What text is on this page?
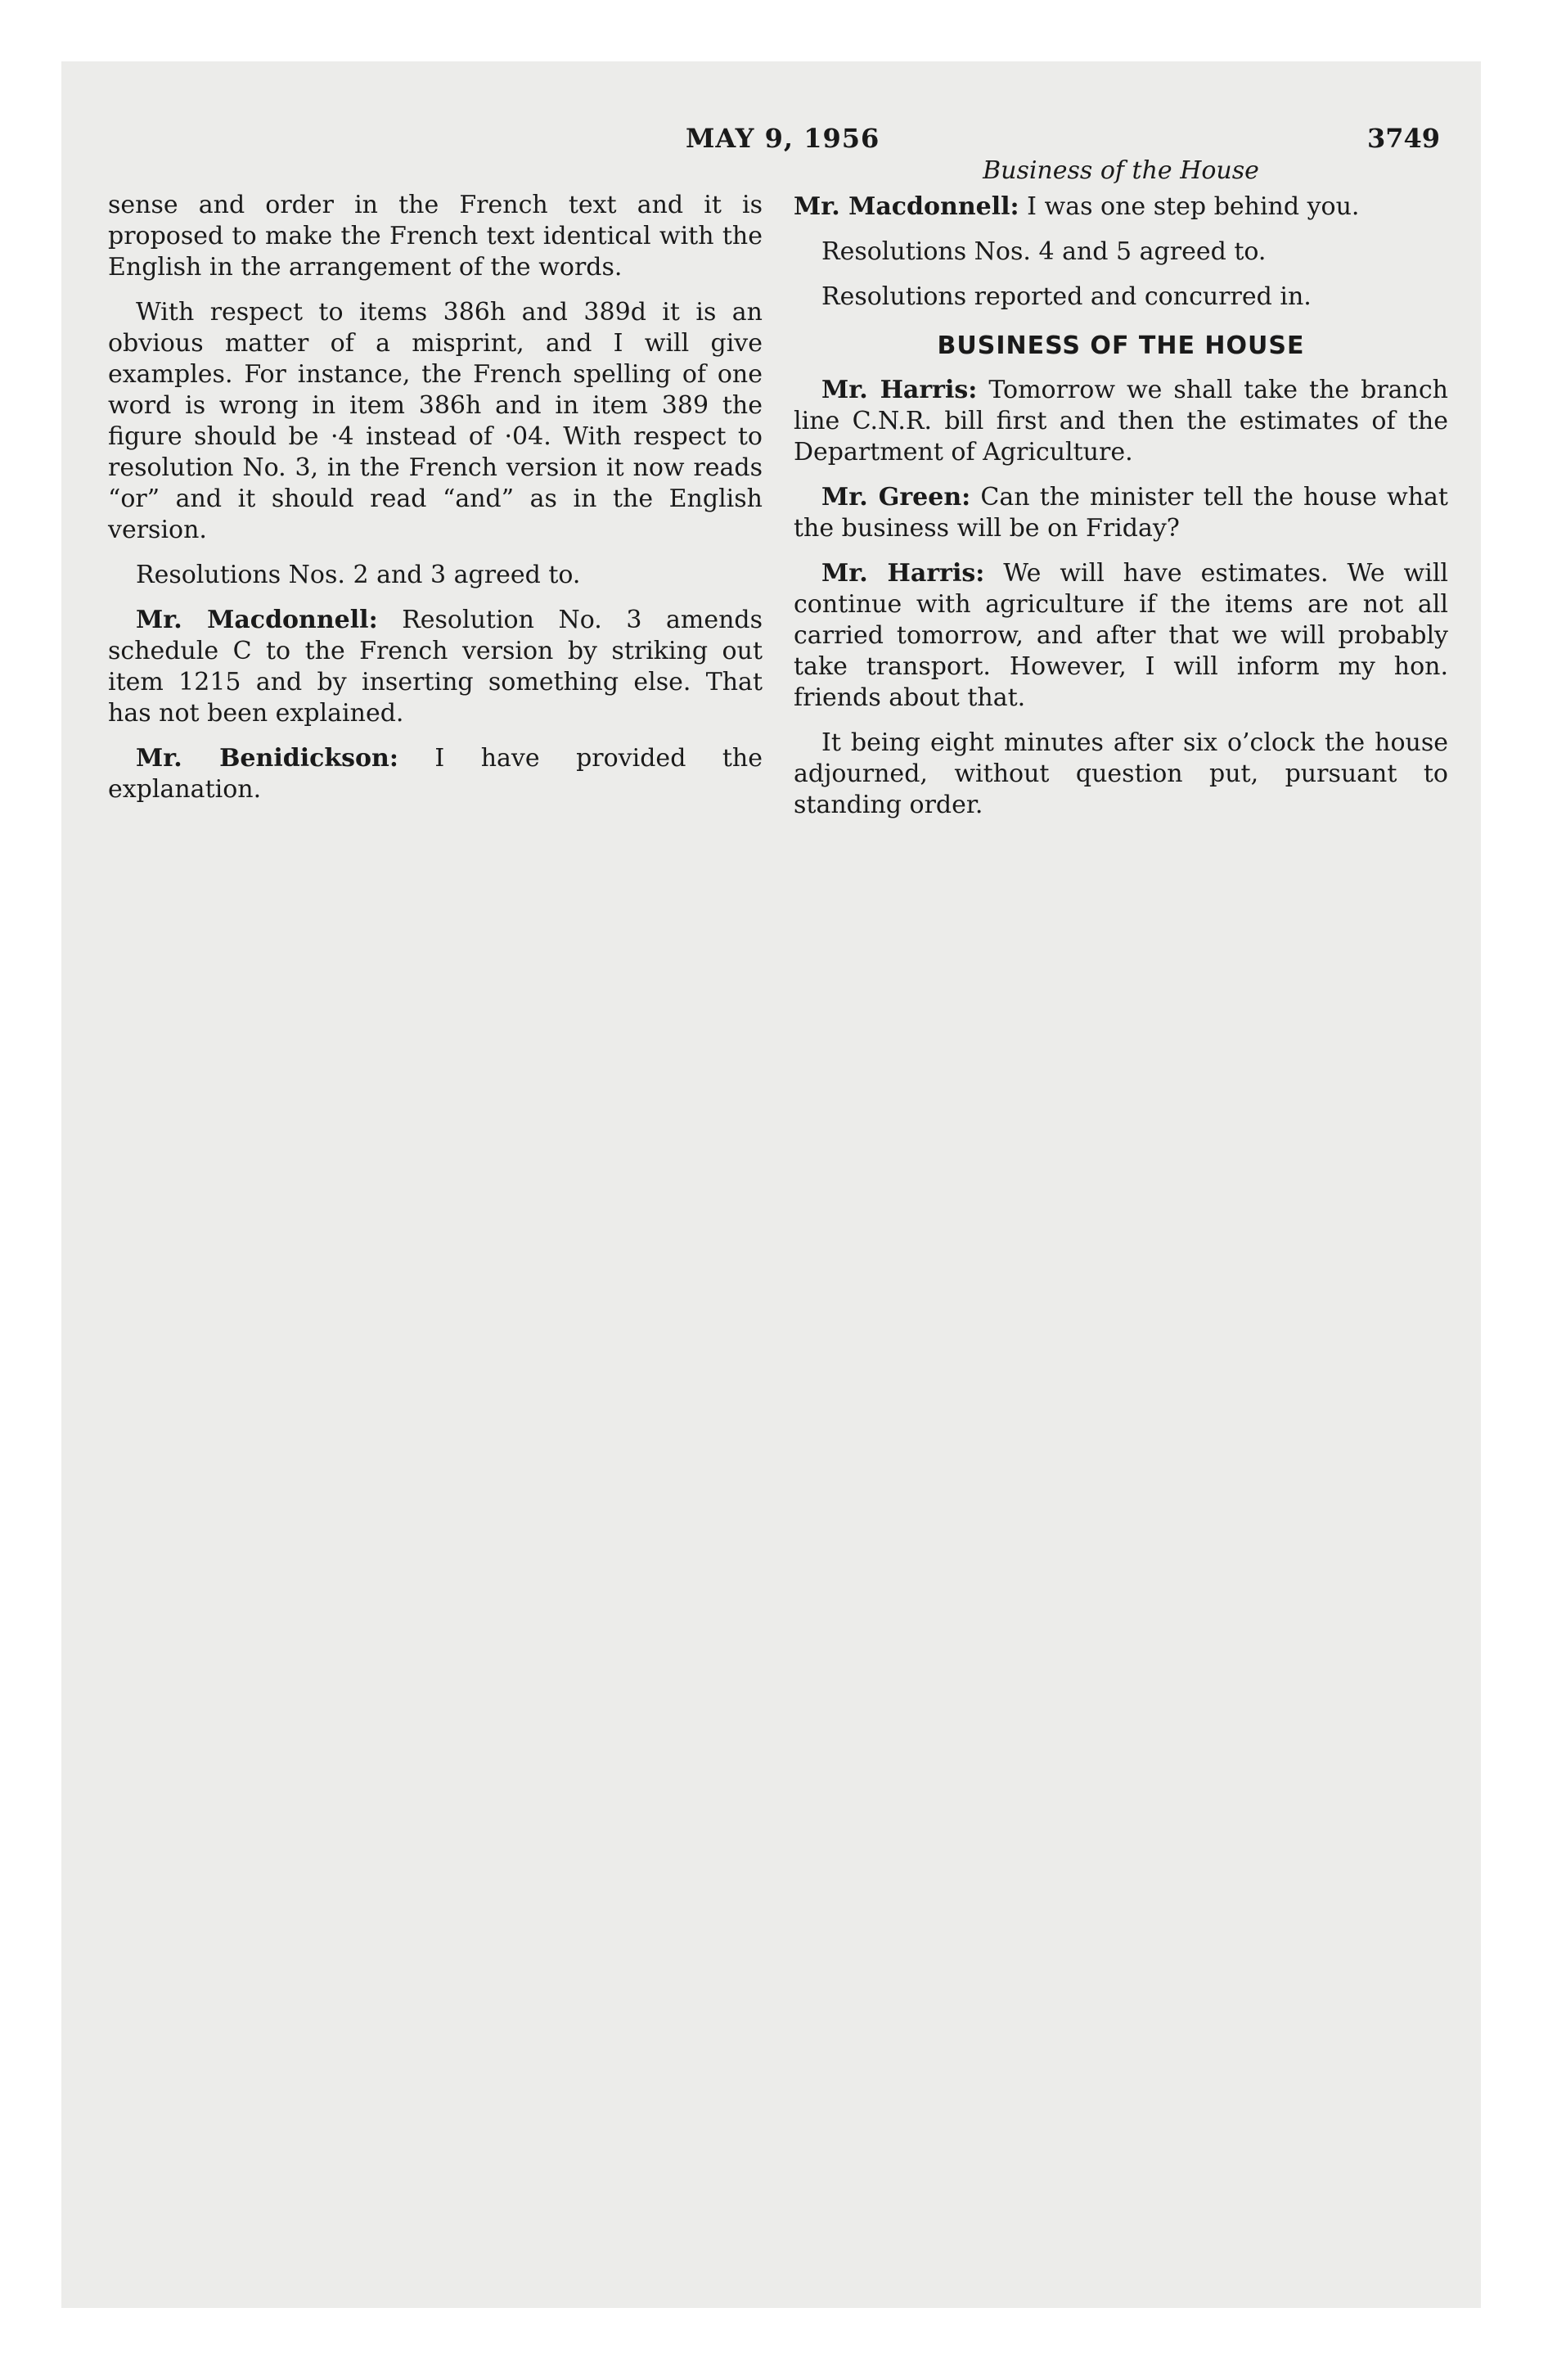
MAY 9, 1956	3749

sense and order in the French text and it is proposed to make the French text identical with the English in the arrangement of the words.

With respect to items 386h and 389d it is an obvious matter of a misprint, and I will give examples. For instance, the French spelling of one word is wrong in item 386h and in item 389 the figure should be ·4 instead of ·04. With respect to resolution No. 3, in the French version it now reads “or” and it should read “and” as in the English version.

Resolutions Nos. 2 and 3 agreed to.

Mr. Macdonnell: Resolution No. 3 amends schedule C to the French version by striking out item 1215 and by inserting something else. That has not been explained.

Mr. Benidickson: I have provided the explanation.

Business of the House

Mr. Macdonnell: I was one step behind you.

Resolutions Nos. 4 and 5 agreed to.

Resolutions reported and concurred in.

BUSINESS OF THE HOUSE

Mr. Harris: Tomorrow we shall take the branch line C.N.R. bill first and then the estimates of the Department of Agriculture.

Mr. Green: Can the minister tell the house what the business will be on Friday?

Mr. Harris: We will have estimates. We will continue with agriculture if the items are not all carried tomorrow, and after that we will probably take transport. However, I will inform my hon. friends about that.

It being eight minutes after six o’clock the house adjourned, without question put, pursuant to standing order.
